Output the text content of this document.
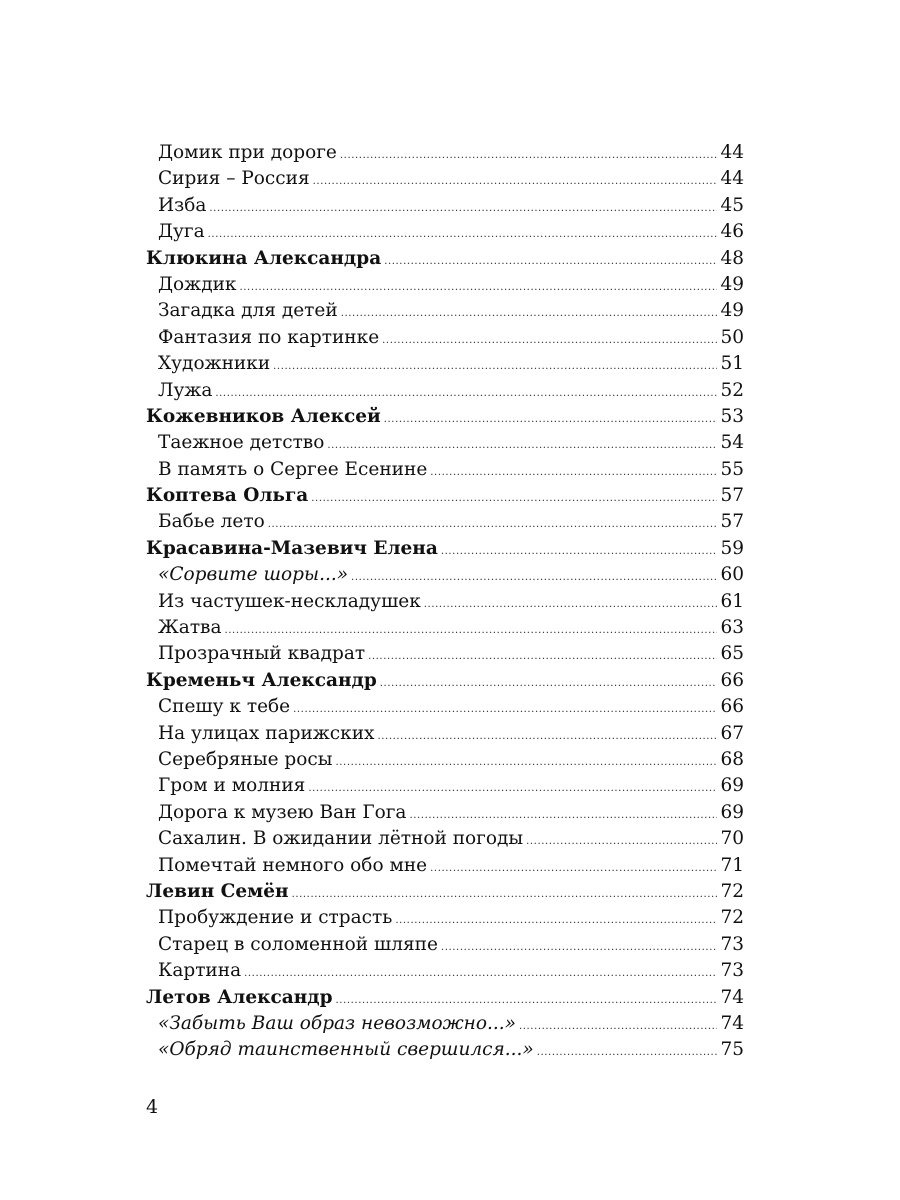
Домик при дороге .....	44
Сирия – Россия .....	44
Изба .....	45
Дуга .....	46
Клюкина Александра .....	48
Дождик .....	49
Загадка для детей .....	49
Фантазия по картинке .....	50
Художники .....	51
Лужа .....	52
Кожевников Алексей .....	53
Таежное детство .....	54
В память о Сергее Есенине .....	55
Коптева Ольга .....	57
Бабье лето .....	57
Красавина-Мазевич Елена .....	59
«Сорвите шоры...» .....	60
Из частушек-нескладушек .....	61
Жатва .....	63
Прозрачный квадрат .....	65
Кременьч Александр .....	66
Спешу к тебе .....	66
На улицах парижских .....	67
Серебряные росы .....	68
Гром и молния .....	69
Дорога к музею Ван Гога .....	69
Сахалин. В ожидании лётной погоды .....	70
Помечтай немного обо мне .....	71
Левин Семён .....	72
Пробуждение и страсть .....	72
Старец в соломенной шляпе .....	73
Картина .....	73
Летов Александр .....	74
«Забыть Ваш образ невозможно...» .....	74
«Обряд таинственный свершился...» .....	75
4
